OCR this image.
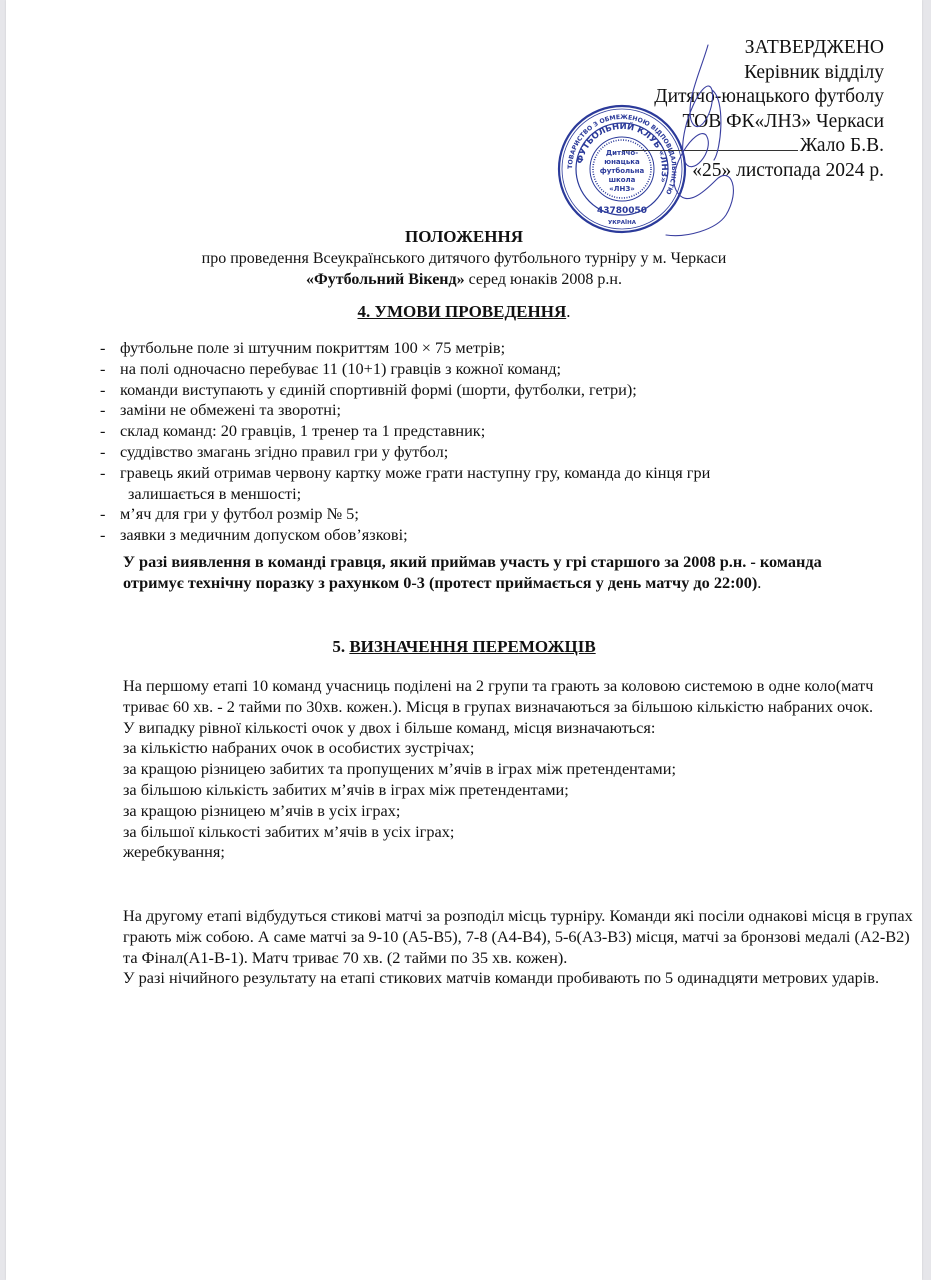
ТОВАРИСТВО З ОБМЕЖЕНОЮ ВІДПОВІДАЛЬНІСТЮ
ФУТБОЛЬНИЙ КЛУБ «ЛНЗ»
Дитячо-
юнацька
футбольна
школа
«ЛНЗ»
43780050
УКРАЇНА
ЗАТВЕРДЖЕНО
Керівник відділу
Дитячо-юнацького футболу
ТОВ ФК«ЛНЗ» Черкаси
Жало Б.В.
«25» листопада 2024 р.
ПОЛОЖЕННЯ
про проведення Всеукраїнського дитячого футбольного турніру у м. Черкаси
«Футбольний Вікенд» серед юнаків 2008 р.н.
4. УМОВИ ПРОВЕДЕННЯ.
- футбольне поле зі штучним покриттям 100 × 75 метрів;
- на полі одночасно перебуває 11 (10+1) гравців з кожної команд;
- команди виступають у єдиній спортивній формі (шорти, футболки, гетри);
- заміни не обмежені та зворотні;
- склад команд: 20 гравців, 1 тренер та 1 представник;
- суддівство змагань згідно правил гри у футбол;
- гравець який отримав червону картку може грати наступну гру, команда до кінця гри
залишається в меншості;
- м’яч для гри у футбол розмір № 5;
- заявки з медичним допуском обов’язкові;
У разі виявлення в команді гравця, який приймав участь у грі старшого за 2008 р.н. - команда отримує технічну поразку з рахунком 0-3 (протест приймається у день матчу до 22:00).
5. ВИЗНАЧЕННЯ ПЕРЕМОЖЦІВ
На першому етапі 10 команд учасниць поділені на 2 групи та грають за коловою системою в одне коло(матч триває 60 хв. - 2 тайми по 30хв. кожен.). Місця в групах визначаються за більшою кількістю набраних очок.
У випадку рівної кількості очок у двох і більше команд, місця визначаються:
за кількістю набраних очок в особистих зустрічах;
за кращою різницею забитих та пропущених м’ячів в іграх між претендентами;
за більшою кількість забитих м’ячів в іграх між претендентами;
за кращою різницею м’ячів в усіх іграх;
за більшої кількості забитих м’ячів в усіх іграх;
жеребкування;
На другому етапі відбудуться стикові матчі за розподіл місць турніру. Команди які посіли однакові місця в групах грають між собою. А саме матчі за 9-10 (А5-В5), 7-8 (А4-В4), 5-6(А3-В3) місця, матчі за бронзові медалі (А2-В2) та Фінал(А1-В-1). Матч триває 70 хв. (2 тайми по 35 хв. кожен).
У разі нічийного результату на етапі стикових матчів команди пробивають по 5 одинадцяти метрових ударів.
